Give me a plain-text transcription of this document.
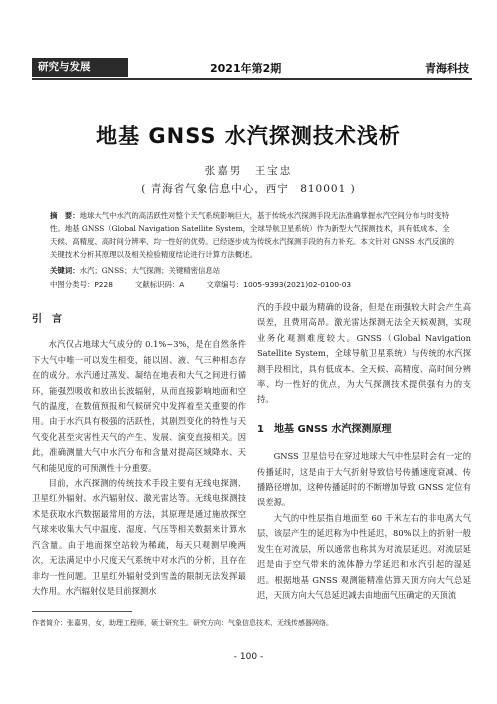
研究与发展	2021年第2期	青海科技
地基 GNSS 水汽探测技术浅析
张嘉男　王宝忠
( 青海省气象信息中心，西宁　810001 )
摘　要：地球大气中水汽的高活跃性对整个天气系统影响巨大，基于传统水汽探测手段无法准确掌握水汽空间分布与时变特性。地基 GNSS（Global Navigation Satellite System，全球导航卫星系统）作为新型大气探测技术，具有低成本、全天候、高精度、高时间分辨率、均一性好的优势。已经逐步成为传统水汽探测手段的有力补充。本文针对 GNSS 水汽反演的关键技术分析其原理以及相关检验精度结论进行计算方法概述。
关键词：水汽；GNSS；大气探测；关键精密信息站
中图分类号：P228	文献标识码：A	文章编号：1005-9393(2021)02-0100-03
引　言

水汽仅占地球大气成分的 0.1%~3%，是在自然条件下大气中唯一可以发生相变，能以固、液、气三种相态存在的成分。水汽通过蒸发、凝结在地表和大气之间进行循环，能强烈吸收和放出长波辐射，从而直接影响地面和空气的温度，在数值预报和气候研究中发挥着至关重要的作用。由于水汽具有极强的活跃性，其剧烈变化的特性与天气变化甚至灾害性天气的产生、发展、演变直接相关。因此，准确测量大气中水汽分布和含量对提高区域降水、天气和能见度的可预测性十分重要。

目前，水汽探测的传统技术手段主要有无线电探测、卫星红外辐射、水汽辐射仪、激光雷达等。无线电探测技术是获取水汽数据最常用的方法，其原理是通过施放探空气球来收集大气中温度、湿度、气压等相关数据来计算水汽含量。由于地面探空站较为稀疏，每天只观测早晚两次，无法满足中小尺度天气系统中对水汽的分析，且存在非均一性问题。卫星红外辐射受到雪盖的限制无法发挥最大作用。水汽辐射仪是目前探测水

汽的手段中最为精确的设备，但是在雨强较大时会产生高误差，且费用高昂。激光雷达探测无法全天候观测，实现业务化观测难度较大。GNSS（Global Navigation Satellite System，全球导航卫星系统）与传统的水汽探测手段相比，具有低成本、全天候、高精度、高时间分辨率、均一性好的优点，为大气探测技术提供强有力的支持。

1　地基 GNSS 水汽探测原理

GNSS 卫星信号在穿过地球大气中性层时会有一定的传播延时，这是由于大气折射导致信号传播速度衰减、传播路径增加，这种传播延时的不断增加导致 GNSS 定位有误差源。

大气的中性层指自地面至 60 千米左右的非电离大气层，该层产生的延迟称为中性延迟，80%以上的折射一般发生在对流层，所以通常也称其为对流层延迟。对流层延迟是由于空气带来的流体静力学延迟和水汽引起的湿延迟。根据地基 GNSS 观测能精准估算天顶方向大气总延迟，天顶方向大气总延迟减去由地面气压确定的天顶流

作者简介：张嘉男，女，助理工程师，硕士研究生。研究方向：气象信息技术、无线传感器网络。
- 100 -
